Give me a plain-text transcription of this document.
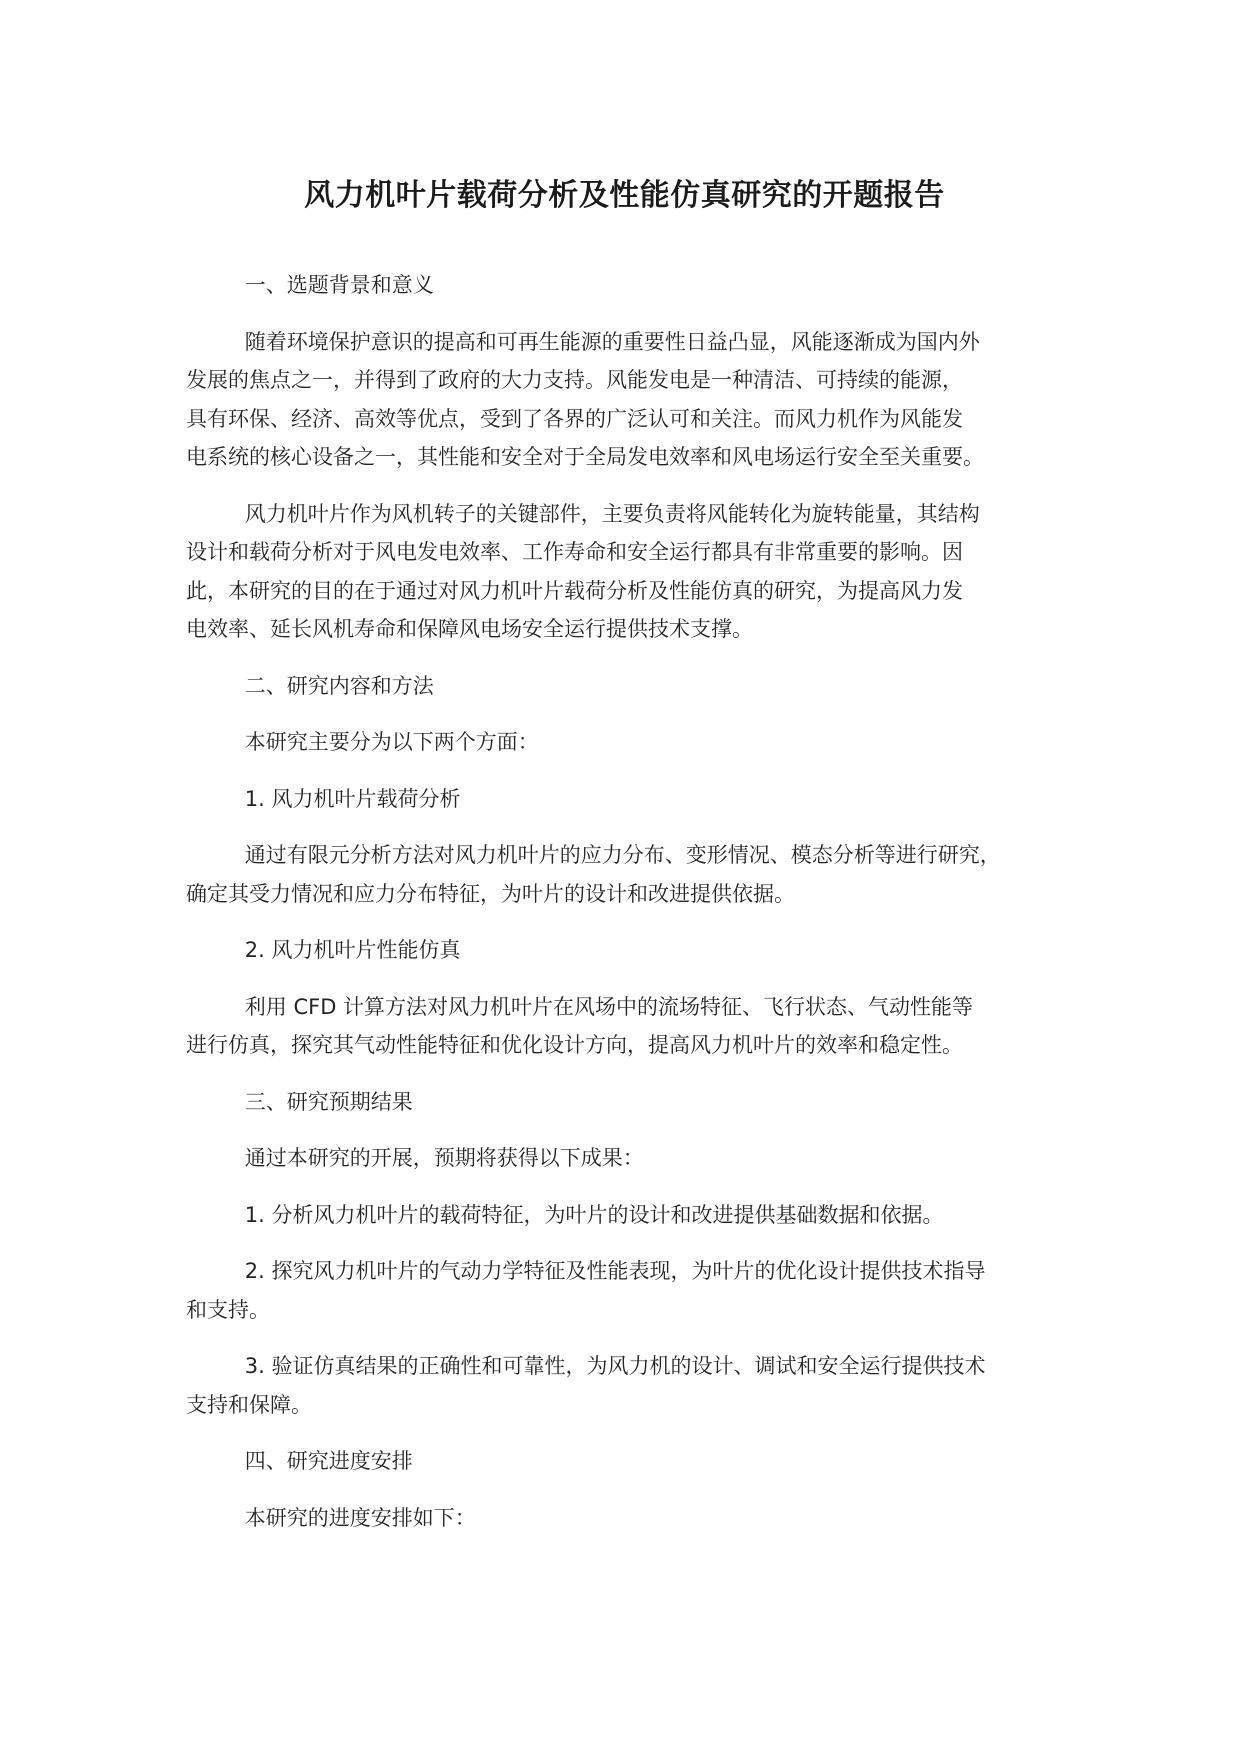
风力机叶片载荷分析及性能仿真研究的开题报告

一、选题背景和意义

随着环境保护意识的提高和可再生能源的重要性日益凸显，风能逐渐成为国内外
发展的焦点之一，并得到了政府的大力支持。风能发电是一种清洁、可持续的能源，
具有环保、经济、高效等优点，受到了各界的广泛认可和关注。而风力机作为风能发
电系统的核心设备之一，其性能和安全对于全局发电效率和风电场运行安全至关重要。

风力机叶片作为风机转子的关键部件，主要负责将风能转化为旋转能量，其结构
设计和载荷分析对于风电发电效率、工作寿命和安全运行都具有非常重要的影响。因
此，本研究的目的在于通过对风力机叶片载荷分析及性能仿真的研究，为提高风力发
电效率、延长风机寿命和保障风电场安全运行提供技术支撑。

二、研究内容和方法

本研究主要分为以下两个方面：

1. 风力机叶片载荷分析

通过有限元分析方法对风力机叶片的应力分布、变形情况、模态分析等进行研究，
确定其受力情况和应力分布特征，为叶片的设计和改进提供依据。

2. 风力机叶片性能仿真

利用 CFD 计算方法对风力机叶片在风场中的流场特征、飞行状态、气动性能等
进行仿真，探究其气动性能特征和优化设计方向，提高风力机叶片的效率和稳定性。

三、研究预期结果

通过本研究的开展，预期将获得以下成果：

1. 分析风力机叶片的载荷特征，为叶片的设计和改进提供基础数据和依据。

2. 探究风力机叶片的气动力学特征及性能表现，为叶片的优化设计提供技术指导
和支持。

3. 验证仿真结果的正确性和可靠性，为风力机的设计、调试和安全运行提供技术
支持和保障。

四、研究进度安排

本研究的进度安排如下：
